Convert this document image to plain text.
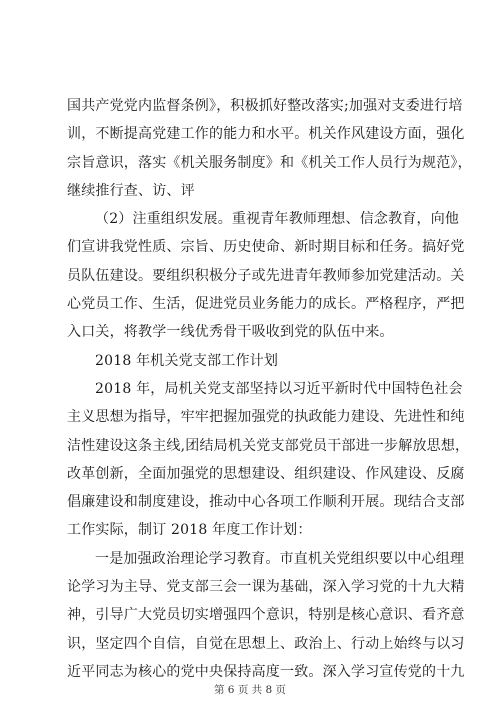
国共产党党内监督条例》，积极抓好整改落实;加强对支委进行培
训，不断提高党建工作的能力和水平。机关作风建设方面，强化
宗旨意识，落实《机关服务制度》和《机关工作人员行为规范》，
继续推行查、访、评

（2）注重组织发展。重视青年教师理想、信念教育，向他
们宣讲我党性质、宗旨、历史使命、新时期目标和任务。搞好党
员队伍建设。要组织积极分子或先进青年教师参加党建活动。关
心党员工作、生活，促进党员业务能力的成长。严格程序，严把
入口关，将教学一线优秀骨干吸收到党的队伍中来。

2018 年机关党支部工作计划

2018 年，局机关党支部坚持以习近平新时代中国特色社会
主义思想为指导，牢牢把握加强党的执政能力建设、先进性和纯
洁性建设这条主线,团结局机关党支部党员干部进一步解放思想，
改革创新，全面加强党的思想建设、组织建设、作风建设、反腐
倡廉建设和制度建设，推动中心各项工作顺利开展。现结合支部
工作实际，制订 2018 年度工作计划：

一是加强政治理论学习教育。市直机关党组织要以中心组理
论学习为主导、党支部三会一课为基础，深入学习党的十九大精
神，引导广大党员切实增强四个意识，特别是核心意识、看齐意
识，坚定四个自信，自觉在思想上、政治上、行动上始终与以习
近平同志为核心的党中央保持高度一致。深入学习宣传党的十九

第 6 页 共 8 页
